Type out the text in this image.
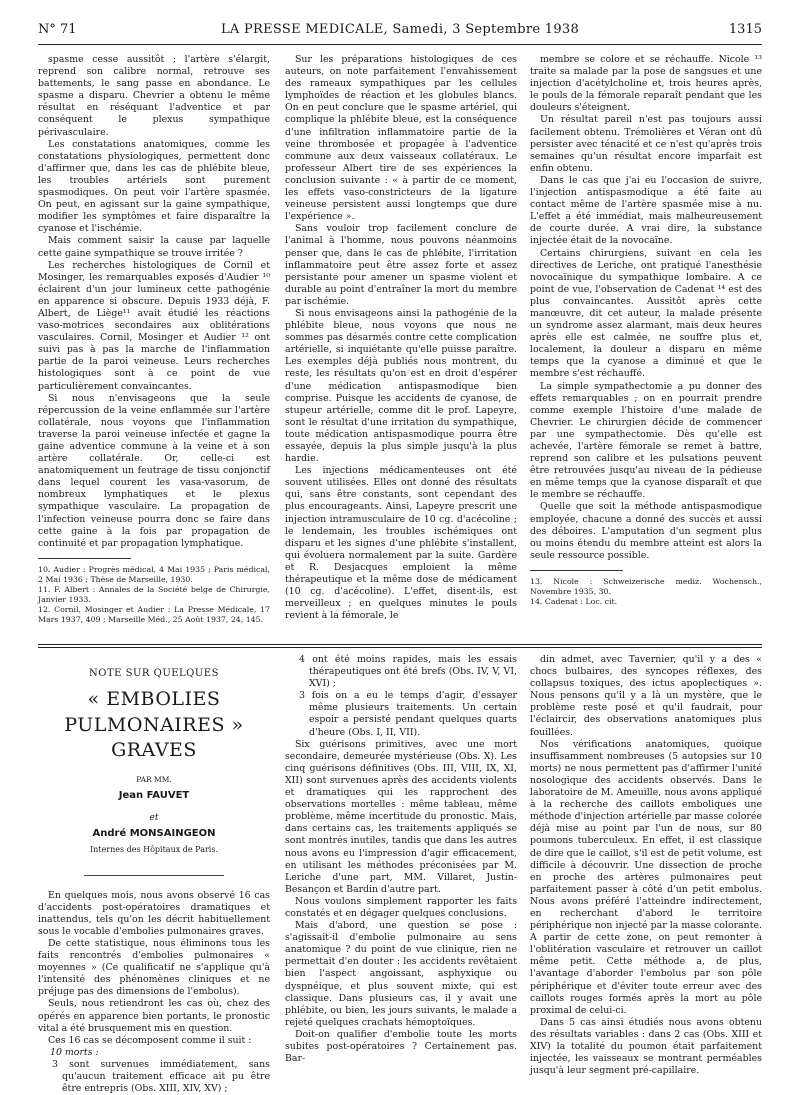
N° 71	LA PRESSE MEDICALE, Samedi, 3 Septembre 1938	1315

spasme cesse aussitôt ; l'artère s'élargit, reprend son calibre normal, retrouve ses battements, le sang passe en abondance. Le spasme a disparu. Chevrier a obtenu le même résultat en réséquant l'adventice et par conséquent le plexus sympathique périvasculaire.

Les constatations anatomiques, comme les constatations physiologiques, permettent donc d'affirmer que, dans les cas de phlébite bleue, les troubles artériels sont purement spasmodiques. On peut voir l'artère spasmée. On peut, en agissant sur la gaine sympathique, modifier les symptômes et faire disparaître la cyanose et l'ischémie.

Mais comment saisir la cause par laquelle cette gaine sympathique se trouve irritée ?

Les recherches histologiques de Cornil et Mosinger, les remarquables exposés d'Audier ¹⁰ éclairent d'un jour lumineux cette pathogénie en apparence si obscure. Depuis 1933 déjà, F. Albert, de Liège¹¹ avait étudié les réactions vaso-motrices secondaires aux oblitérations vasculaires. Cornil, Mosinger et Audier ¹² ont suivi pas à pas la marche de l'inflammation partie de la paroi veineuse. Leurs recherches histologiques sont à ce point de vue particulièrement convaincantes.

Si nous n'envisageons que la seule répercussion de la veine enflammée sur l'artère collatérale, nous voyons que l'inflammation traverse la paroi veineuse infectée et gagne la gaine adventice commune à la veine et à son artère collatérale. Or, celle-ci est anatomiquement un feutrage de tissu conjonctif dans lequel courent les vasa-vasorum, de nombreux lymphatiques et le plexus sympathique vasculaire. La propagation de l'infection veineuse pourra donc se faire dans cette gaine à la fois par propagation de continuité et par propagation lymphatique.

10. Audier : Progrès médical, 4 Mai 1935 ; Paris médical, 2 Mai 1936 ; Thèse de Marseille, 1930.

11. F. Albert : Annales de la Société belge de Chirurgie, Janvier 1933.

12. Cornil, Mosinger et Audier : La Presse Médicale, 17 Mars 1937, 409 ; Marseille Méd., 25 Août 1937, 24, 145.

Sur les préparations histologiques de ces auteurs, on note parfaitement l'envahissement des rameaux sympathiques par les cellules lymphoïdes de réaction et les globules blancs. On en peut conclure que le spasme artériel, qui complique la phlébite bleue, est la conséquence d'une infiltration inflammatoire partie de la veine thrombosée et propagée à l'adventice commune aux deux vaisseaux collatéraux. Le professeur Albert tire de ses expériences la conclusion suivante : « à partir de ce moment, les effets vaso-constricteurs de la ligature veineuse persistent aussi longtemps que dure l'expérience ».

Sans vouloir trop facilement conclure de l'animal à l'homme, nous pouvons néanmoins penser que, dans le cas de phlébite, l'irritation inflammatoire peut être assez forte et assez persistante pour amener un spasme violent et durable au point d'entraîner la mort du membre par ischémie.

Si nous envisageons ainsi la pathogénie de la phlébite bleue, nous voyons que nous ne sommes pas désarmés contre cette complication artérielle, si inquiétante qu'elle puisse paraître. Les exemples déjà publiés nous montrent, du reste, les résultats qu'on est en droit d'espérer d'une médication antispasmodique bien comprise. Puisque les accidents de cyanose, de stupeur artérielle, comme dit le prof. Lapeyre, sont le résultat d'une irritation du sympathique, toute médication antispasmodique pourra être essayée, depuis la plus simple jusqu'à la plus hardie.

Les injections médicamenteuses ont été souvent utilisées. Elles ont donné des résultats qui, sans être constants, sont cependant des plus encourageants. Ainsi, Lapeyre prescrit une injection intramusculaire de 10 cg. d'acécoline ; le lendemain, les troubles ischémiques ont disparu et les signes d'une phlébite s'installent, qui évoluera normalement par la suite. Gardère et R. Desjacques emploient la même thérapeutique et la même dose de médicament (10 cg. d'acécoline). L'effet, disent-ils, est merveilleux ; en quelques minutes le pouls revient à la fémorale, le

membre se colore et se réchauffe. Nicole ¹³ traite sa malade par la pose de sangsues et une injection d'acétylcholine et, trois heures après, le pouls de la fémorale reparaît pendant que les douleurs s'éteignent.

Un résultat pareil n'est pas toujours aussi facilement obtenu. Trémolières et Véran ont dû persister avec ténacité et ce n'est qu'après trois semaines qu'un résultat encore imparfait est enfin obtenu.

Dans le cas que j'ai eu l'occasion de suivre, l'injection antispasmodique a été faite au contact même de l'artère spasmée mise à nu. L'effet a été immédiat, mais malheureusement de courte durée. A vrai dire, la substance injectée était de la novocaïne.

Certains chirurgiens, suivant en cela les directives de Leriche, ont pratiqué l'anesthésie novocaïnique du sympathique lombaire. A ce point de vue, l'observation de Cadenat ¹⁴ est des plus convaincantes. Aussitôt après cette manœuvre, dit cet auteur, la malade présente un syndrome assez alarmant, mais deux heures après elle est calmée, ne souffre plus et, localement, la douleur a disparu en même temps que la cyanose a diminué et que le membre s'est réchauffé.

La simple sympathectomie a pu donner des effets remarquables ; on en pourrait prendre comme exemple l'histoire d'une malade de Chevrier. Le chirurgien décide de commencer par une sympathectomie. Dès qu'elle est achevée, l'artère fémorale se remet à battre, reprend son calibre et les pulsations peuvent être retrouvées jusqu'au niveau de la pédieuse en même temps que la cyanose disparaît et que le membre se réchauffe.

Quelle que soit la méthode antispasmodique employée, chacune a donné des succès et aussi des déboires. L'amputation d'un segment plus ou moins étendu du membre atteint est alors la seule ressource possible.

13. Nicole : Schweizerische mediz. Wochensch., Novembre 1935, 30.

14. Cadenat : Loc. cit.

NOTE SUR QUELQUES
« EMBOLIES PULMONAIRES »
GRAVES
PAR MM.
Jean FAUVET
et
André MONSAINGEON
Internes des Hôpitaux de Paris.

En quelques mois, nous avons observé 16 cas d'accidents post-opératoires dramatiques et inattendus, tels qu'on les décrit habituellement sous le vocable d'embolies pulmonaires graves.

De cette statistique, nous éliminons tous les faits rencontrés d'embolies pulmonaires « moyennes » (Ce qualificatif ne s'applique qu'à l'intensité des phénomènes cliniques et ne préjuge pas des dimensions de l'embolus).

Seuls, nous retiendront les cas où, chez des opérés en apparence bien portants, le pronostic vital a été brusquement mis en question.

Ces 16 cas se décomposent comme il suit :

10 morts :

3 sont survenues immédiatement, sans qu'aucun traitement efficace ait pu être être entrepris (Obs. XIII, XIV, XV) ;
4 ont été moins rapides, mais les essais thérapeutiques ont été brefs (Obs. IV, V, VI, XVI) ;
3 fois on a eu le temps d'agir, d'essayer même plusieurs traitements. Un certain espoir a persisté pendant quelques quarts d'heure (Obs. I, II, VII).

Six guérisons primitives, avec une mort secondaire, demeurée mystérieuse (Obs. X). Les cinq guérisons définitives (Obs. III, VIII, IX, XI, XII) sont survenues après des accidents violents et dramatiques qui les rapprochent des observations mortelles : même tableau, même problème, même incertitude du pronostic. Mais, dans certains cas, les traitements appliqués se sont montrés inutiles, tandis que dans les autres nous avons eu l'impression d'agir efficacement, en utilisant les méthodes préconisées par M. Leriche d'une part, MM. Villaret, Justin-Besançon et Bardin d'autre part.

Nous voulons simplement rapporter les faits constatés et en dégager quelques conclusions.

Mais d'abord, une question se pose : s'agissait-il d'embolie pulmonaire au sens anatomique ? du point de vue clinique, rien ne permettait d'en douter : les accidents revêtaient bien l'aspect angoissant, asphyxique ou dyspnéique, et plus souvent mixte, qui est classique. Dans plusieurs cas, il y avait une phlébite, ou bien, les jours suivants, le malade a rejeté quelques crachats hémoptoïques.

Doit-on qualifier d'embolie toute les morts subites post-opératoires ? Certainement pas. Bar-

din admet, avec Tavernier, qu'il y a des « chocs bulbaires, des syncopes réflexes, des collapsus toxiques, des ictus apoplectiques ». Nous pensons qu'il y a là un mystère, que le problème reste posé et qu'il faudrait, pour l'éclaircir, des observations anatomiques plus fouillées.

Nos vérifications anatomiques, quoique insuffisamment nombreuses (5 autopsies sur 10 morts) ne nous permettent pas d'affirmer l'unité nosologique des accidents observés. Dans le laboratoire de M. Ameuille, nous avons appliqué à la recherche des caillots emboliques une méthode d'injection artérielle par masse colorée déjà mise au point par l'un de nous, sur 80 poumons tuberculeux. En effet, il est classique de dire que le caillot, s'il est de petit volume, est difficile à découvrir. Une dissection de proche en proche des artères pulmonaires peut parfaitement passer à côté d'un petit embolus. Nous avons préféré l'atteindre indirectement, en recherchant d'abord le territoire périphérique non injecté par la masse colorante. A partir de cette zone, on peut remonter à l'oblitération vasculaire et retrouver un caillot même petit. Cette méthode a, de plus, l'avantage d'aborder l'embolus par son pôle périphérique et d'éviter toute erreur avec des caillots rouges formés après la mort au pôle proximal de celui-ci.

Dans 5 cas ainsi étudiés nous avons obtenu des résultats variables : dans 2 cas (Obs. XIII et XIV) la totalité du poumon était parfaitement injectée, les vaisseaux se montrant perméables jusqu'à leur segment pré-capillaire.
